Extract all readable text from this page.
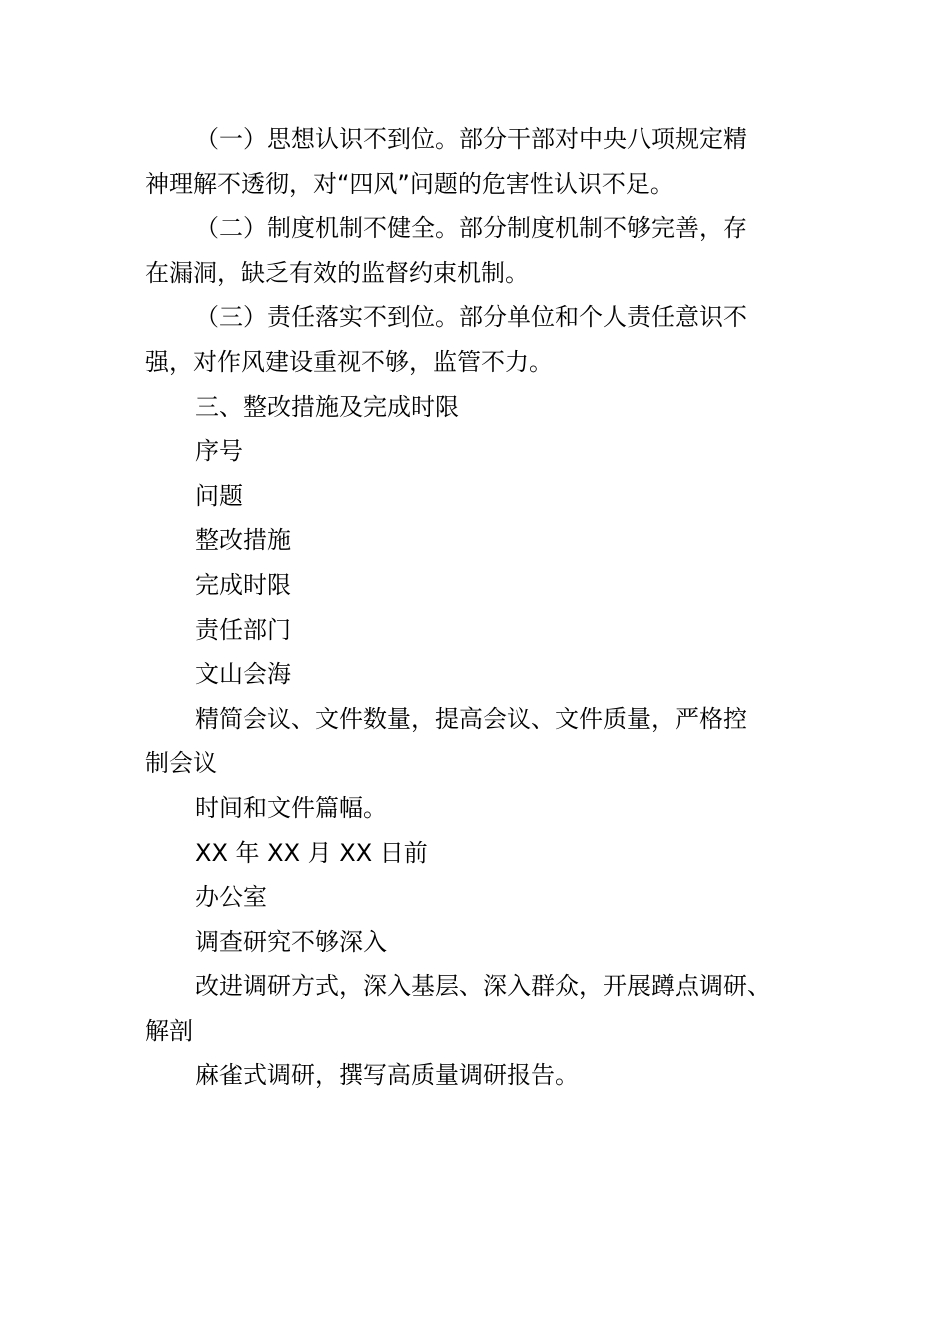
（一）思想认识不到位。部分干部对中央八项规定精
神理解不透彻，对“四风”问题的危害性认识不足。

（二）制度机制不健全。部分制度机制不够完善，存
在漏洞，缺乏有效的监督约束机制。

（三）责任落实不到位。部分单位和个人责任意识不
强，对作风建设重视不够，监管不力。

三、整改措施及完成时限

序号

问题

整改措施

完成时限

责任部门

文山会海

精简会议、文件数量，提高会议、文件质量，严格控
制会议

时间和文件篇幅。

XX 年 XX 月 XX 日前

办公室

调查研究不够深入

改进调研方式，深入基层、深入群众，开展蹲点调研、
解剖

麻雀式调研，撰写高质量调研报告。
